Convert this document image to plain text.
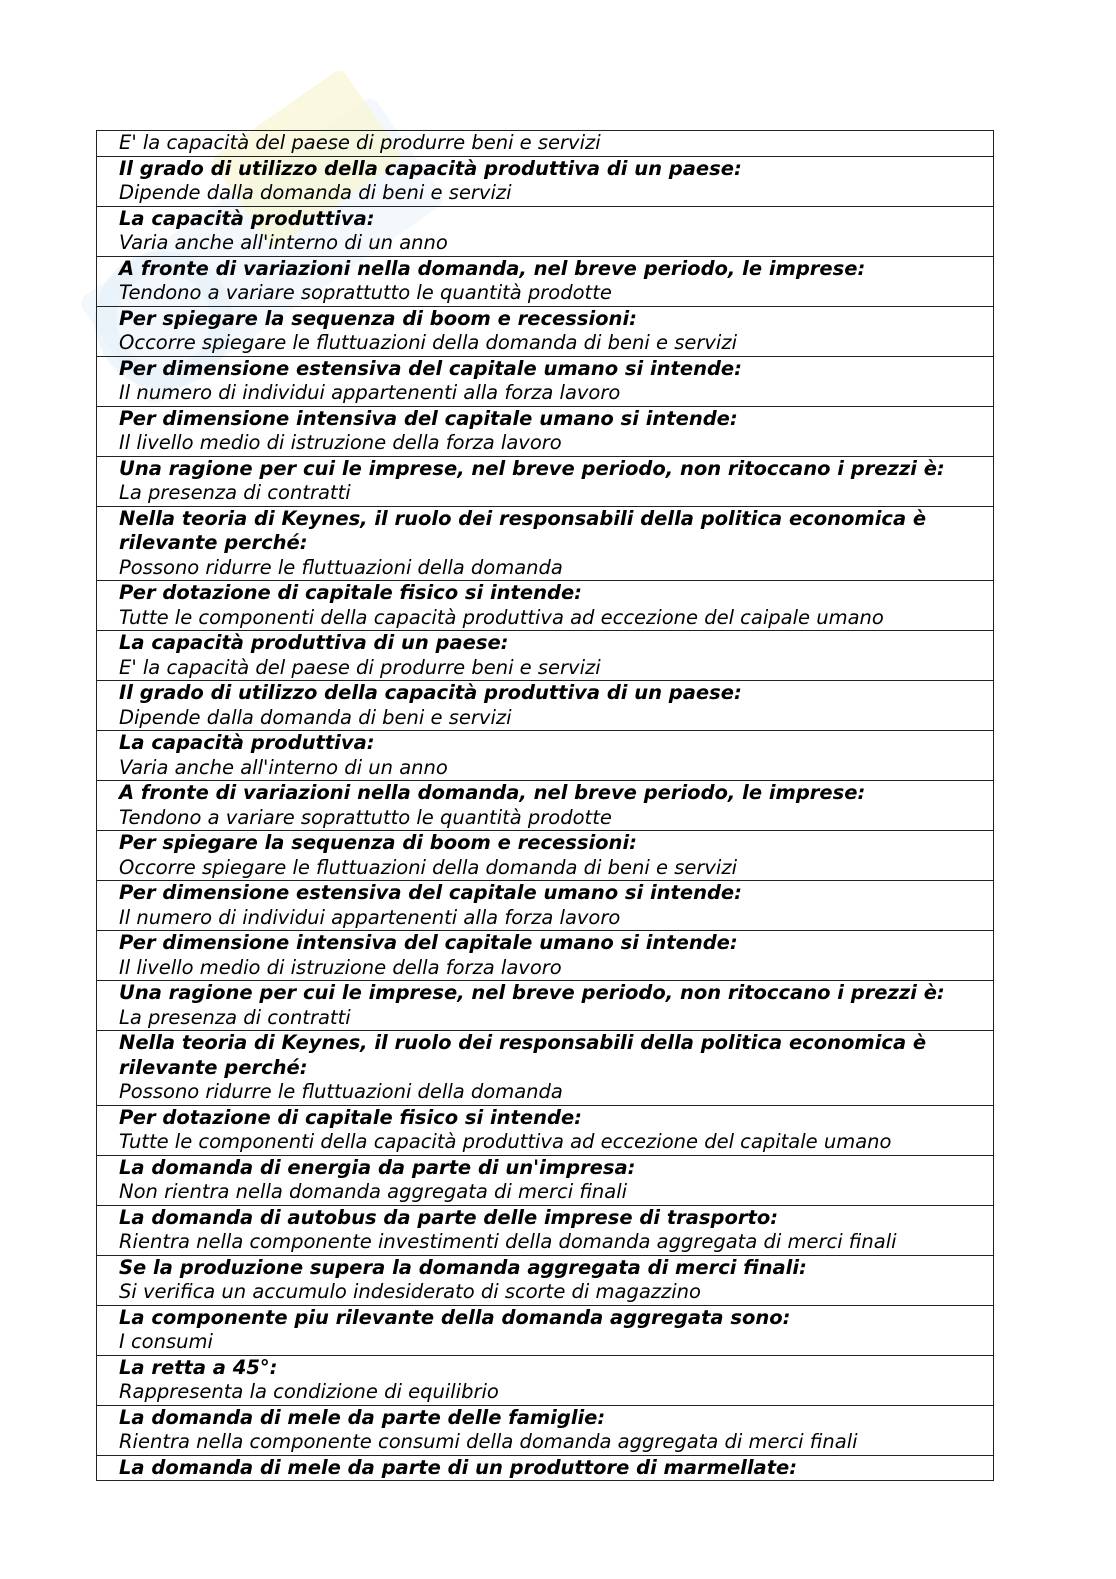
E' la capacità del paese di produrre beni e servizi

Il grado di utilizzo della capacità produttiva di un paese:
Dipende dalla domanda di beni e servizi

La capacità produttiva:
Varia anche all'interno di un anno

A fronte di variazioni nella domanda, nel breve periodo, le imprese:
Tendono a variare soprattutto le quantità prodotte

Per spiegare la sequenza di boom e recessioni:
Occorre spiegare le fluttuazioni della domanda di beni e servizi

Per dimensione estensiva del capitale umano si intende:
Il numero di individui appartenenti alla forza lavoro

Per dimensione intensiva del capitale umano si intende:
Il livello medio di istruzione della forza lavoro

Una ragione per cui le imprese, nel breve periodo, non ritoccano i prezzi è:
La presenza di contratti

Nella teoria di Keynes, il ruolo dei responsabili della politica economica è rilevante perché:
Possono ridurre le fluttuazioni della domanda

Per dotazione di capitale fisico si intende:
Tutte le componenti della capacità produttiva ad eccezione del caipale umano

La capacità produttiva di un paese:
E' la capacità del paese di produrre beni e servizi

Il grado di utilizzo della capacità produttiva di un paese:
Dipende dalla domanda di beni e servizi

La capacità produttiva:
Varia anche all'interno di un anno

A fronte di variazioni nella domanda, nel breve periodo, le imprese:
Tendono a variare soprattutto le quantità prodotte

Per spiegare la sequenza di boom e recessioni:
Occorre spiegare le fluttuazioni della domanda di beni e servizi

Per dimensione estensiva del capitale umano si intende:
Il numero di individui appartenenti alla forza lavoro

Per dimensione intensiva del capitale umano si intende:
Il livello medio di istruzione della forza lavoro

Una ragione per cui le imprese, nel breve periodo, non ritoccano i prezzi è:
La presenza di contratti

Nella teoria di Keynes, il ruolo dei responsabili della politica economica è rilevante perché:
Possono ridurre le fluttuazioni della domanda

Per dotazione di capitale fisico si intende:
Tutte le componenti della capacità produttiva ad eccezione del capitale umano

La domanda di energia da parte di un'impresa:
Non rientra nella domanda aggregata di merci finali

La domanda di autobus da parte delle imprese di trasporto:
Rientra nella componente investimenti della domanda aggregata di merci finali

Se la produzione supera la domanda aggregata di merci finali:
Si verifica un accumulo indesiderato di scorte di magazzino

La componente piu rilevante della domanda aggregata sono:
I consumi

La retta a 45°:
Rappresenta la condizione di equilibrio

La domanda di mele da parte delle famiglie:
Rientra nella componente consumi della domanda aggregata di merci finali

La domanda di mele da parte di un produttore di marmellate:
